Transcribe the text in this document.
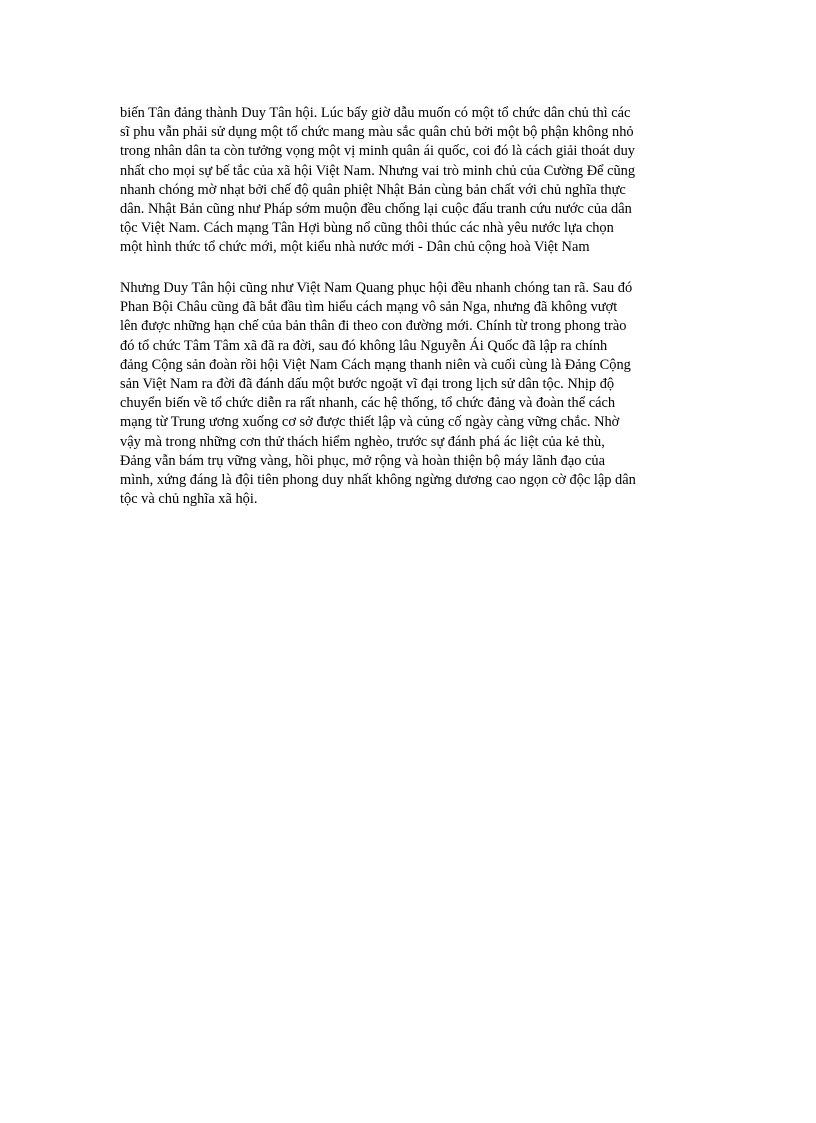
biến Tân đảng thành Duy Tân hội. Lúc bấy giờ dẫu muốn có một tổ chức dân chủ thì các
sĩ phu vẫn phải sử dụng một tổ chức mang màu sắc quân chủ bởi một bộ phận không nhỏ
trong nhân dân ta còn tưởng vọng một vị minh quân ái quốc, coi đó là cách giải thoát duy
nhất cho mọi sự bế tắc của xã hội Việt Nam. Nhưng vai trò minh chủ của Cường Để cũng
nhanh chóng mờ nhạt bởi chế độ quân phiệt Nhật Bản cùng bản chất với chủ nghĩa thực
dân. Nhật Bản cũng như Pháp sớm muộn đều chống lại cuộc đấu tranh cứu nước của dân
tộc Việt Nam. Cách mạng Tân Hợi bùng nổ cũng thôi thúc các nhà yêu nước lựa chọn
một hình thức tổ chức mới, một kiểu nhà nước mới - Dân chủ cộng hoà Việt Nam
Nhưng Duy Tân hội cũng như Việt Nam Quang phục hội đều nhanh chóng tan rã. Sau đó
Phan Bội Châu cũng đã bắt đầu tìm hiểu cách mạng vô sản Nga, nhưng đã không vượt
lên được những hạn chế của bản thân đi theo con đường mới. Chính từ trong phong trào
đó tổ chức Tâm Tâm xã đã ra đời, sau đó không lâu Nguyễn Ái Quốc đã lập ra chính
đảng Cộng sản đoàn rồi hội Việt Nam Cách mạng thanh niên và cuối cùng là Đảng Cộng
sản Việt Nam ra đời đã đánh dấu một bước ngoặt vĩ đại trong lịch sử dân tộc. Nhịp độ
chuyển biến về tổ chức diễn ra rất nhanh, các hệ thống, tổ chức đảng và đoàn thể cách
mạng từ Trung ương xuống cơ sở được thiết lập và củng cố ngày càng vững chắc. Nhờ
vậy mà trong những cơn thử thách hiểm nghèo, trước sự đánh phá ác liệt của kẻ thù,
Đảng vẫn bám trụ vững vàng, hồi phục, mở rộng và hoàn thiện bộ máy lãnh đạo của
mình, xứng đáng là đội tiên phong duy nhất không ngừng dương cao ngọn cờ độc lập dân
tộc và chủ nghĩa xã hội.
